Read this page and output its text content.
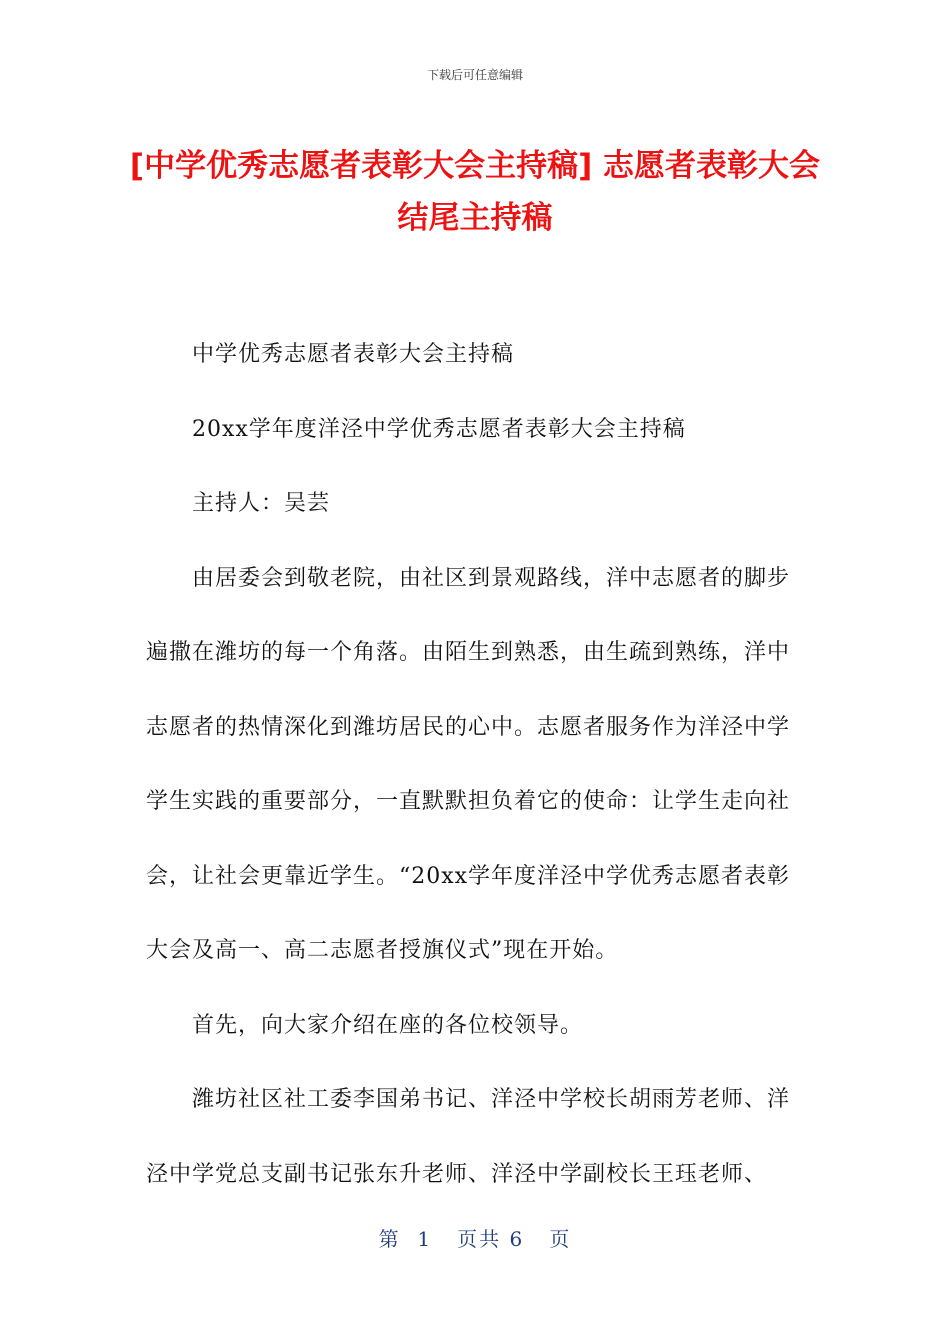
下载后可任意编辑
[中学优秀志愿者表彰大会主持稿] 志愿者表彰大会结尾主持稿

中学优秀志愿者表彰大会主持稿

20xx学年度洋泾中学优秀志愿者表彰大会主持稿

主持人：吴芸

由居委会到敬老院，由社区到景观路线，洋中志愿者的脚步遍撒在潍坊的每一个角落。由陌生到熟悉，由生疏到熟练，洋中志愿者的热情深化到潍坊居民的心中。志愿者服务作为洋泾中学学生实践的重要部分，一直默默担负着它的使命：让学生走向社会，让社会更靠近学生。“20xx学年度洋泾中学优秀志愿者表彰大会及高一、高二志愿者授旗仪式”现在开始。

首先，向大家介绍在座的各位校领导。

潍坊社区社工委李国弟书记、洋泾中学校长胡雨芳老师、洋泾中学党总支副书记张东升老师、洋泾中学副校长王珏老师、

第  1   页共 6   页
